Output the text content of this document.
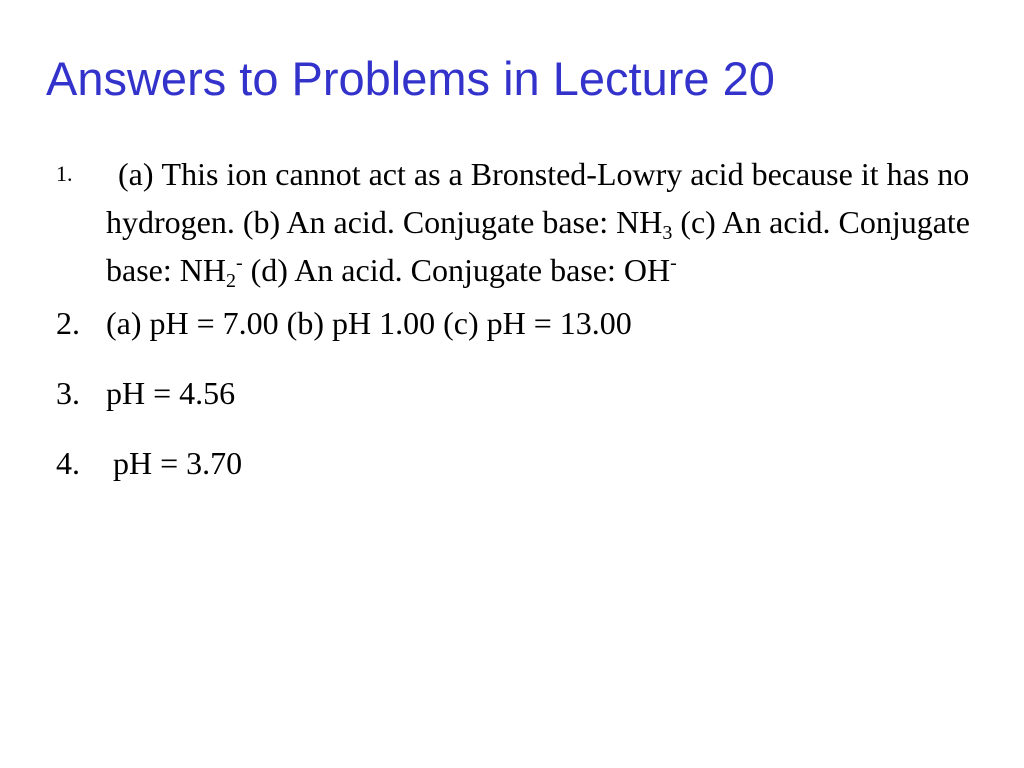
Answers to Problems in Lecture 20
1.	(a) This ion cannot act as a Bronsted-Lowry acid because it has no hydrogen. (b) An acid. Conjugate base: $NH_3$ (c) An acid. Conjugate base: $NH_2^-$ (d) An acid. Conjugate base: OH-
2. (a) pH = 7.00 (b) pH 1.00 (c) pH = 13.00
3. pH = 4.56
4. pH = 3.70
